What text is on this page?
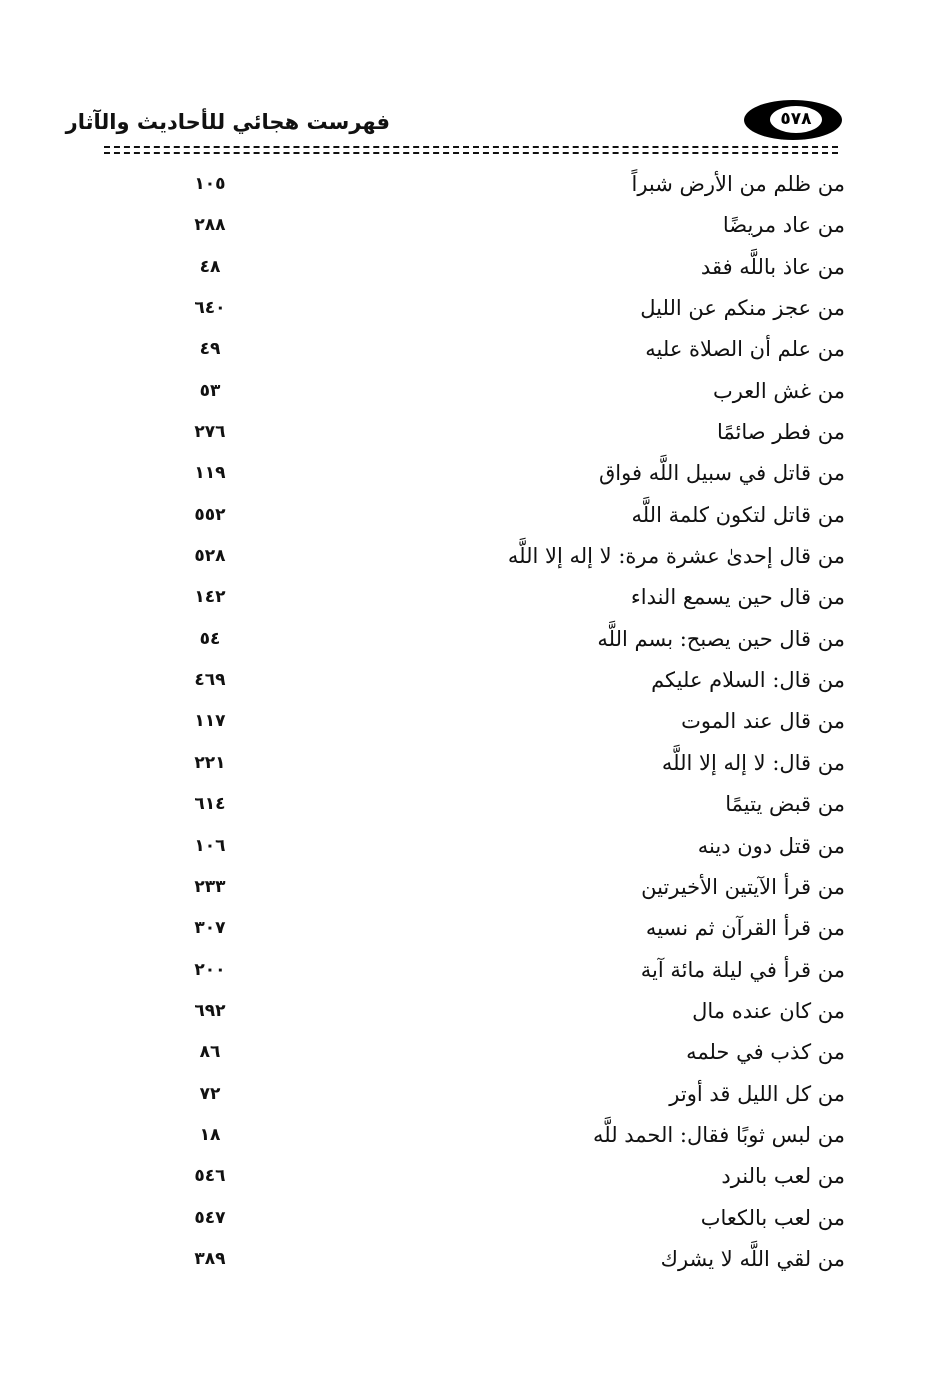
فهرست هجائي للأحاديث والآثار	٥٧٨
من ظلم من الأرض شبراً
١٠٥
من عاد مريضًا
٢٨٨
من عاذ باللَّه فقد
٤٨
من عجز منكم عن الليل
٦٤٠
من علم أن الصلاة عليه
٤٩
من غش العرب
٥٣
من فطر صائمًا
٢٧٦
من قاتل في سبيل اللَّه فواق
١١٩
من قاتل لتكون كلمة اللَّه
٥٥٢
من قال إحدىٰ عشرة مرة: لا إله إلا اللَّه
٥٢٨
من قال حين يسمع النداء
١٤٢
من قال حين يصبح: بسم اللَّه
٥٤
من قال: السلام عليكم
٤٦٩
من قال عند الموت
١١٧
من قال: لا إله إلا اللَّه
٢٢١
من قبض يتيمًا
٦١٤
من قتل دون دينه
١٠٦
من قرأ الآيتين الأخيرتين
٢٣٣
من قرأ القرآن ثم نسيه
٣٠٧
من قرأ في ليلة مائة آية
٢٠٠
من كان عنده مال
٦٩٢
من كذب في حلمه
٨٦
من كل الليل قد أوتر
٧٢
من لبس ثوبًا فقال: الحمد للَّه
١٨
من لعب بالنرد
٥٤٦
من لعب بالكعاب
٥٤٧
من لقي اللَّه لا يشرك
٣٨٩
